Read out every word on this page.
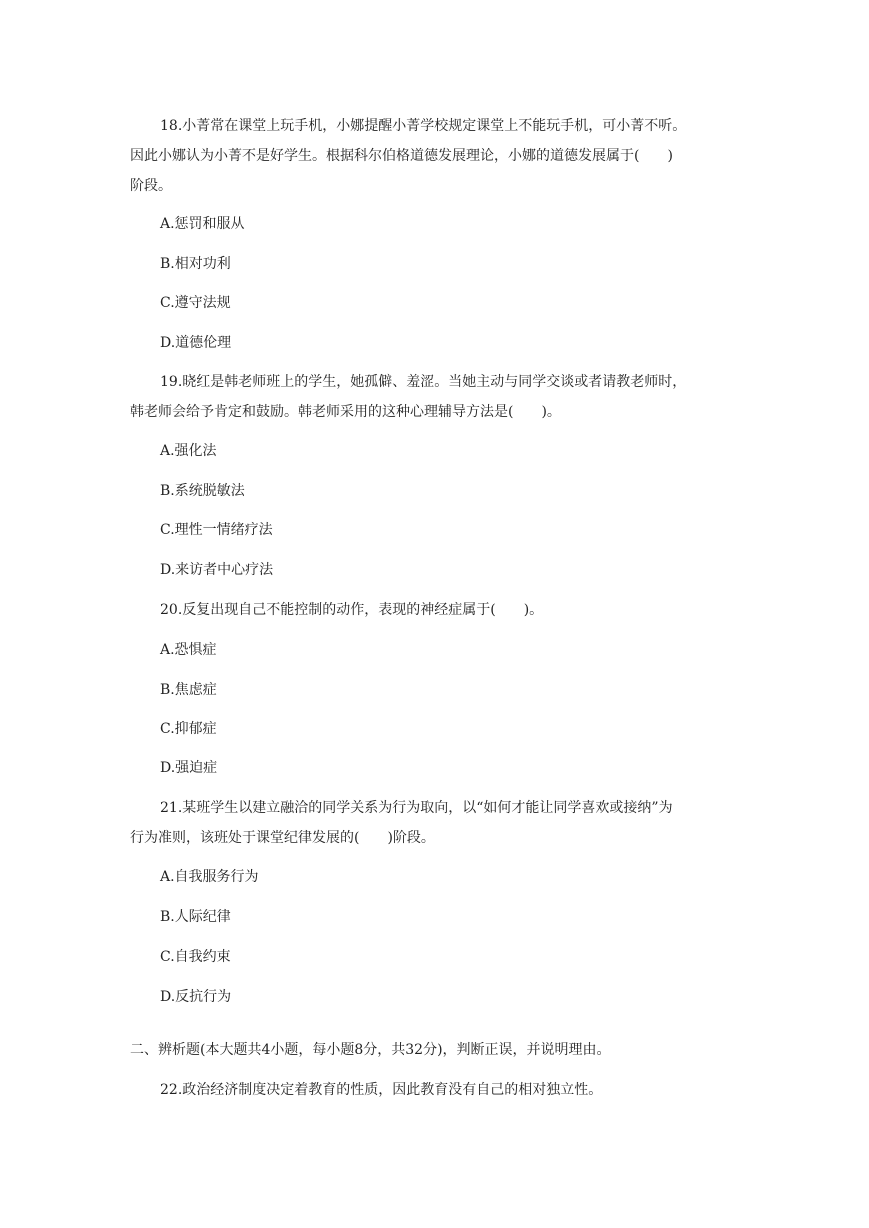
18.小菁常在课堂上玩手机，小娜提醒小菁学校规定课堂上不能玩手机，可小菁不听。
因此小娜认为小菁不是好学生。根据科尔伯格道德发展理论，小娜的道德发展属于(　　)
阶段。
A.惩罚和服从
B.相对功利
C.遵守法规
D.道德伦理
19.晓红是韩老师班上的学生，她孤僻、羞涩。当她主动与同学交谈或者请教老师时，
韩老师会给予肯定和鼓励。韩老师采用的这种心理辅导方法是(　　)。
A.强化法
B.系统脱敏法
C.理性一情绪疗法
D.来访者中心疗法
20.反复出现自己不能控制的动作，表现的神经症属于(　　)。
A.恐惧症
B.焦虑症
C.抑郁症
D.强迫症
21.某班学生以建立融洽的同学关系为行为取向，以“如何才能让同学喜欢或接纳”为
行为准则，该班处于课堂纪律发展的(　　)阶段。
A.自我服务行为
B.人际纪律
C.自我约束
D.反抗行为
二、辨析题(本大题共4小题，每小题8分，共32分)，判断正误，并说明理由。
22.政治经济制度决定着教育的性质，因此教育没有自己的相对独立性。
